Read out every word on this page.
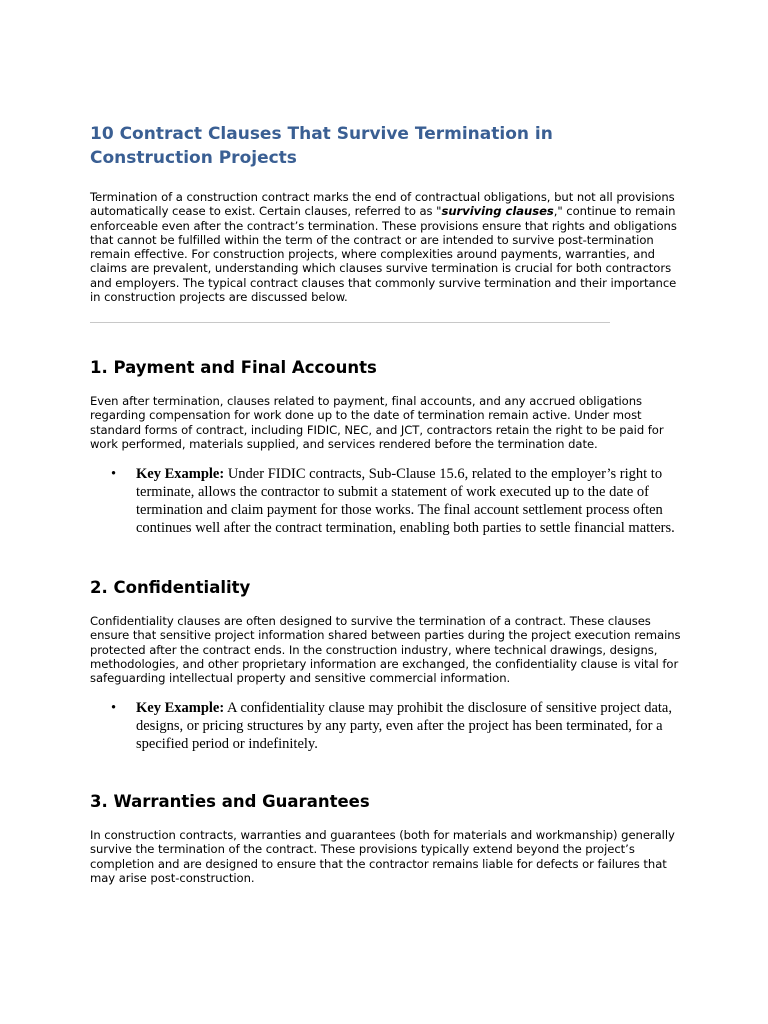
10 Contract Clauses That Survive Termination in Construction Projects

Termination of a construction contract marks the end of contractual obligations, but not all provisions automatically cease to exist. Certain clauses, referred to as "surviving clauses," continue to remain enforceable even after the contract’s termination. These provisions ensure that rights and obligations that cannot be fulfilled within the term of the contract or are intended to survive post-termination remain effective. For construction projects, where complexities around payments, warranties, and claims are prevalent, understanding which clauses survive termination is crucial for both contractors and employers. The typical contract clauses that commonly survive termination and their importance in construction projects are discussed below.

1. Payment and Final Accounts

Even after termination, clauses related to payment, final accounts, and any accrued obligations regarding compensation for work done up to the date of termination remain active. Under most standard forms of contract, including FIDIC, NEC, and JCT, contractors retain the right to be paid for work performed, materials supplied, and services rendered before the termination date.

• Key Example: Under FIDIC contracts, Sub-Clause 15.6, related to the employer’s right to terminate, allows the contractor to submit a statement of work executed up to the date of termination and claim payment for those works. The final account settlement process often continues well after the contract termination, enabling both parties to settle financial matters.
2. Confidentiality

Confidentiality clauses are often designed to survive the termination of a contract. These clauses ensure that sensitive project information shared between parties during the project execution remains protected after the contract ends. In the construction industry, where technical drawings, designs, methodologies, and other proprietary information are exchanged, the confidentiality clause is vital for safeguarding intellectual property and sensitive commercial information.

• Key Example: A confidentiality clause may prohibit the disclosure of sensitive project data, designs, or pricing structures by any party, even after the project has been terminated, for a specified period or indefinitely.
3. Warranties and Guarantees

In construction contracts, warranties and guarantees (both for materials and workmanship) generally survive the termination of the contract. These provisions typically extend beyond the project’s completion and are designed to ensure that the contractor remains liable for defects or failures that may arise post-construction.
